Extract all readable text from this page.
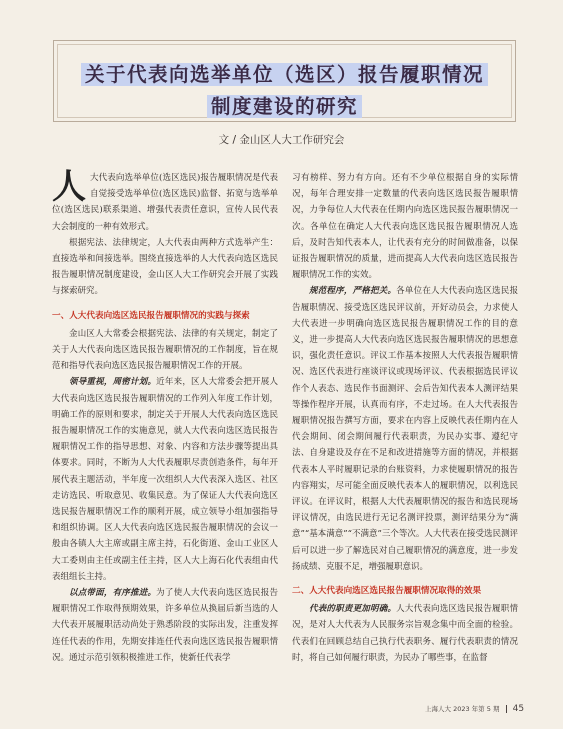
关于代表向选举单位（选区）报告履职情况
制度建设的研究
文 / 金山区人大工作研究会

人大代表向选举单位(选区选民)报告履职情况是代表自觉接受选举单位(选区选民)监督、拓宽与选举单位(选区选民)联系渠道、增强代表责任意识，宣传人民代表大会制度的一种有效形式。

根据宪法、法律规定，人大代表由两种方式选举产生：直接选举和间接选举。围绕直接选举的人大代表向选区选民报告履职情况制度建设，金山区人大工作研究会开展了实践与探索研究。

一、人大代表向选区选民报告履职情况的实践与探索

金山区人大常委会根据宪法、法律的有关规定，制定了关于人大代表向选区选民报告履职情况的工作制度，旨在规范和指导代表向选区选民报告履职情况工作的开展。

领导重视，周密计划。近年来，区人大常委会把开展人大代表向选区选民报告履职情况的工作列入年度工作计划，明确工作的原则和要求，制定关于开展人大代表向选区选民报告履职情况工作的实施意见，就人大代表向选区选民报告履职情况工作的指导思想、对象、内容和方法步骤等提出具体要求。同时，不断为人大代表履职尽责创造条件，每年开展代表主题活动，半年度一次组织人大代表深入选区、社区走访选民、听取意见、收集民意。为了保证人大代表向选区选民报告履职情况工作的顺利开展，成立领导小组加强指导和组织协调。区人大代表向选区选民报告履职情况的会议一般由各镇人大主席或副主席主持，石化街道、金山工业区人大工委则由主任或副主任主持，区人大上海石化代表组由代表组组长主持。

以点带面，有序推进。为了使人大代表向选区选民报告履职情况工作取得预期效果，许多单位从换届后新当选的人大代表开展履职活动尚处于熟悉阶段的实际出发，注重发挥连任代表的作用，先期安排连任代表向选区选民报告履职情况。通过示范引领积极推进工作，使新任代表学

习有榜样、努力有方向。还有不少单位根据自身的实际情况，每年合理安排一定数量的代表向选区选民报告履职情况，力争每位人大代表在任期内向选区选民报告履职情况一次。各单位在确定人大代表向选区选民报告履职情况人选后，及时告知代表本人，让代表有充分的时间做准备，以保证报告履职情况的质量，进而提高人大代表向选区选民报告履职情况工作的实效。

规范程序，严格把关。各单位在人大代表向选区选民报告履职情况、接受选区选民评议前，开好动员会，力求使人大代表进一步明确向选区选民报告履职情况工作的目的意义，进一步提高人大代表向选区选民报告履职情况的思想意识，强化责任意识。评议工作基本按照人大代表报告履职情况、选区代表进行座谈评议或现场评议、代表根据选民评议作个人表态、选民作书面测评、会后告知代表本人测评结果等操作程序开展，认真而有序，不走过场。在人大代表报告履职情况报告撰写方面，要求在内容上反映代表任期内在人代会期间、闭会期间履行代表职责，为民办实事、遵纪守法、自身建设及存在不足和改进措施等方面的情况，并根据代表本人平时履职记录的台账资料，力求使履职情况的报告内容翔实，尽可能全面反映代表本人的履职情况，以利选民评议。在评议时，根据人大代表履职情况的报告和选民现场评议情况，由选民进行无记名测评投票，测评结果分为“满意”“基本满意”“不满意”三个等次。人大代表在接受选民测评后可以进一步了解选民对自己履职情况的满意度，进一步发扬成绩、克服不足，增强履职意识。

二、人大代表向选区选民报告履职情况取得的效果

代表的职责更加明确。人大代表向选区选民报告履职情况，是对人大代表为人民服务宗旨观念集中而全面的检验。代表们在回顾总结自己执行代表职务、履行代表职责的情况时，将自己如何履行职责，为民办了哪些事，在监督

上海人大 2023 年第 5 期 45
